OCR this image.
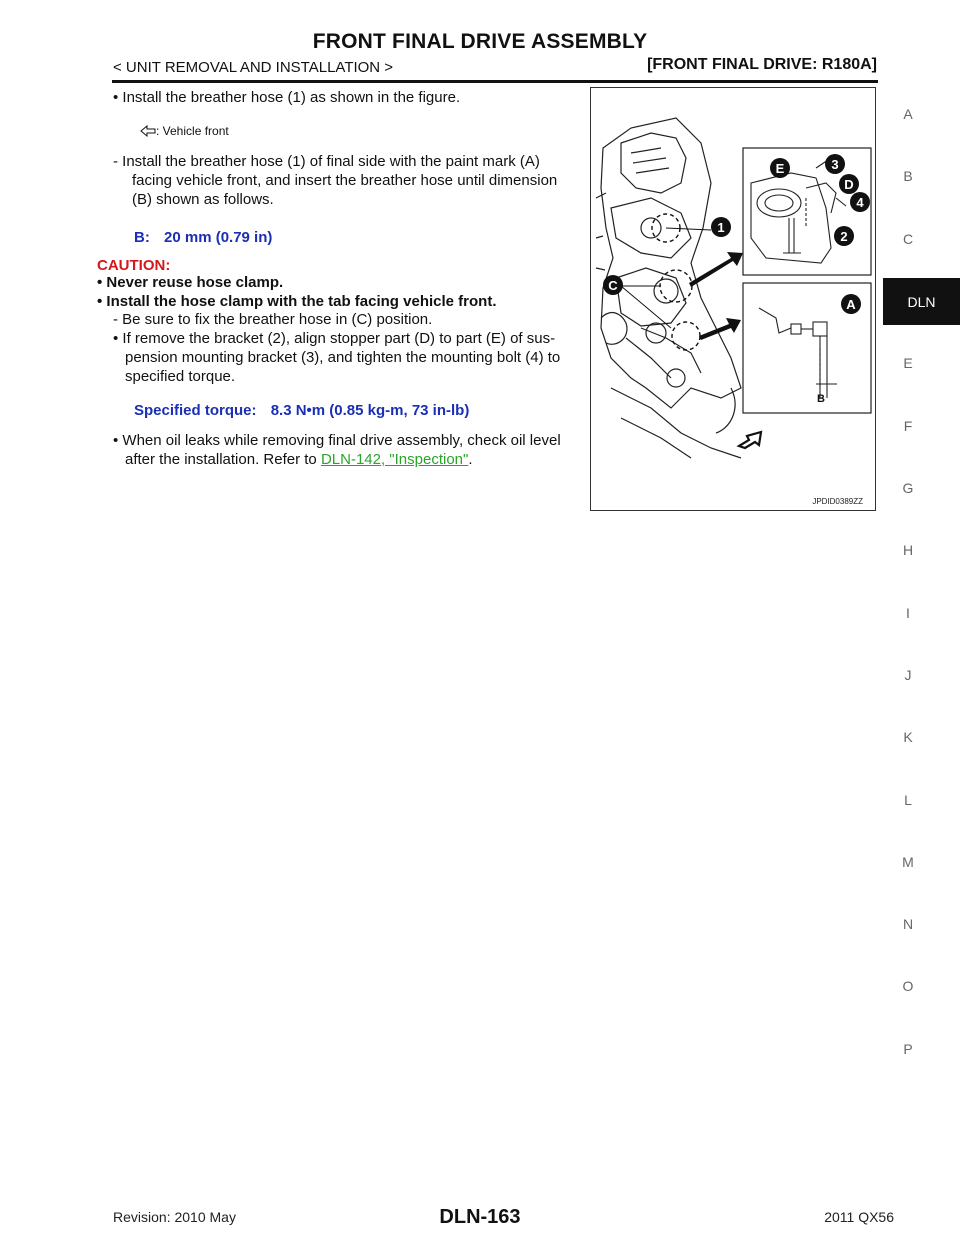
FRONT FINAL DRIVE ASSEMBLY
< UNIT REMOVAL AND INSTALLATION >	[FRONT FINAL DRIVE: R180A]
A
B
C
DLN
E
F
G
H
I
J
K
L
M
N
O
P
• Install the breather hose (1) as shown in the figure.
: Vehicle front
- Install the breather hose (1) of final side with the paint mark (A)
facing vehicle front, and insert the breather hose until dimension
(B) shown as follows.
B: 20 mm (0.79 in)
CAUTION:
• Never reuse hose clamp.
• Install the hose clamp with the tab facing vehicle front.
- Be sure to fix the breather hose in (C) position.
• If remove the bracket (2), align stopper part (D) to part (E) of sus-
pension mounting bracket (3), and tighten the mounting bolt (4) to
specified torque.
Specified torque: 8.3 N•m (0.85 kg-m, 73 in-lb)
• When oil leaks while removing final drive assembly, check oil level
after the installation. Refer to DLN-142, "Inspection".
1
C
E	3
D
4
2
A
B
JPDID0389ZZ
Revision: 2010 May	DLN-163	2011 QX56
